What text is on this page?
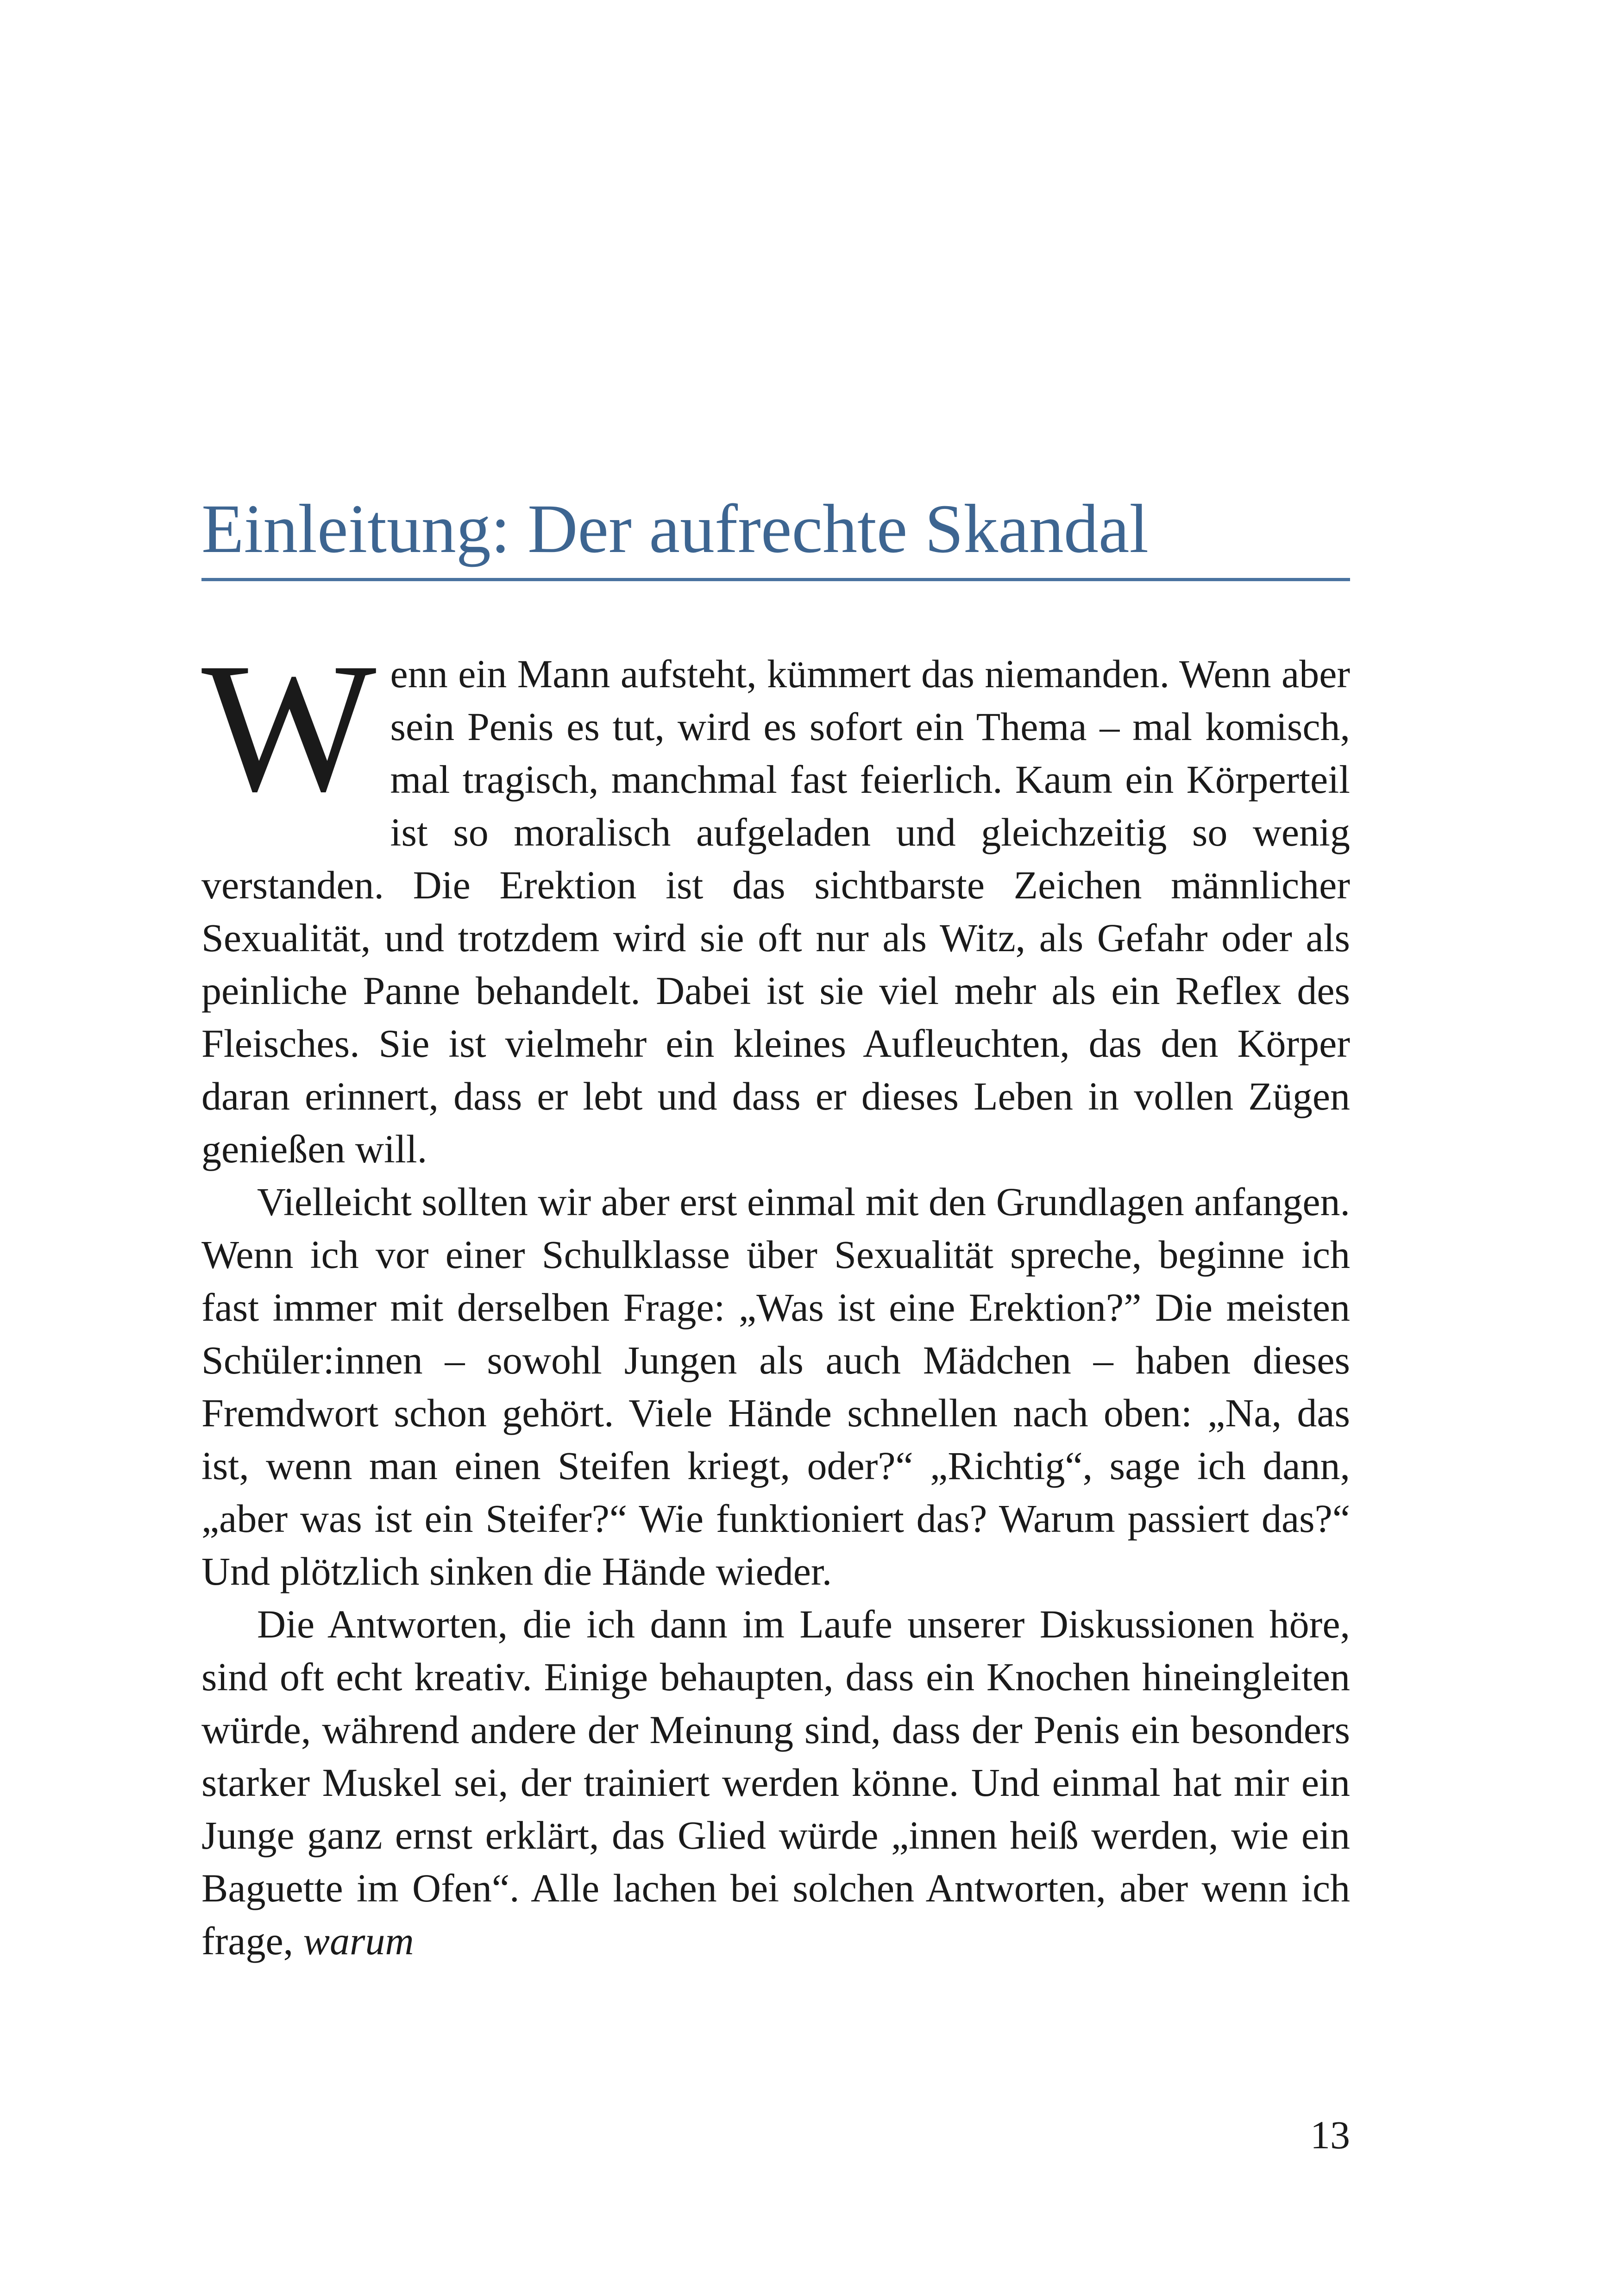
Einleitung: Der aufrechte Skandal

Wenn ein Mann aufsteht, kümmert das niemanden. Wenn aber sein Penis es tut, wird es sofort ein Thema – mal komisch, mal tragisch, manchmal fast feierlich. Kaum ein Körperteil ist so moralisch aufgeladen und gleichzeitig so wenig verstanden. Die Erektion ist das sichtbarste Zeichen männlicher Sexualität, und trotzdem wird sie oft nur als Witz, als Gefahr oder als peinliche Panne behandelt. Dabei ist sie viel mehr als ein Reflex des Fleisches. Sie ist vielmehr ein kleines Aufleuchten, das den Körper daran erinnert, dass er lebt und dass er dieses Leben in vollen Zügen genießen will.

Vielleicht sollten wir aber erst einmal mit den Grundlagen anfangen. Wenn ich vor einer Schulklasse über Sexualität spreche, beginne ich fast immer mit derselben Frage: „Was ist eine Erektion?” Die meisten Schüler:innen – sowohl Jungen als auch Mädchen – haben dieses Fremdwort schon gehört. Viele Hände schnellen nach oben: „Na, das ist, wenn man einen Steifen kriegt, oder?“ „Richtig“, sage ich dann, „aber was ist ein Steifer?“ Wie funktioniert das? Warum passiert das?“ Und plötzlich sinken die Hände wieder.

Die Antworten, die ich dann im Laufe unserer Diskussionen höre, sind oft echt kreativ. Einige behaupten, dass ein Knochen hineingleiten würde, während andere der Meinung sind, dass der Penis ein besonders starker Muskel sei, der trainiert werden könne. Und einmal hat mir ein Junge ganz ernst erklärt, das Glied würde „innen heiß werden, wie ein Baguette im Ofen“. Alle lachen bei solchen Antworten, aber wenn ich frage, warum

13
